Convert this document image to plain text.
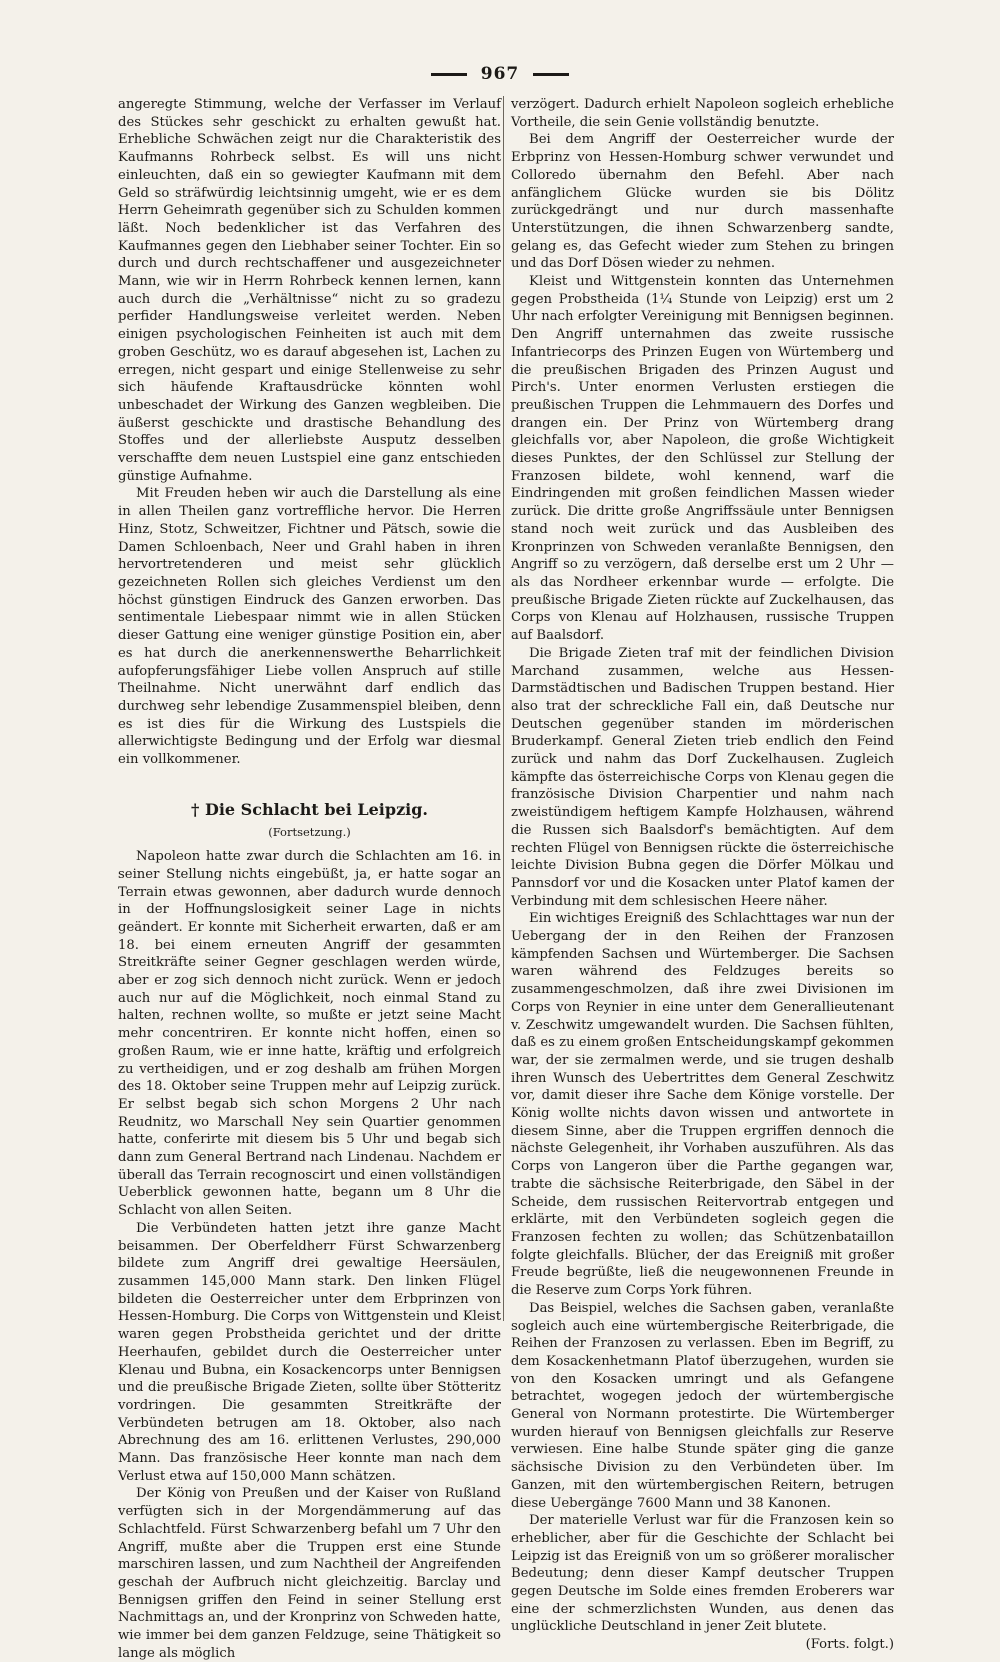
967

angeregte Stimmung, welche der Verfasser im Verlauf des Stückes sehr geschickt zu erhalten gewußt hat. Erhebliche Schwächen zeigt nur die Charakteristik des Kaufmanns Rohrbeck selbst. Es will uns nicht einleuchten, daß ein so gewiegter Kaufmann mit dem Geld so sträfwürdig leichtsinnig umgeht, wie er es dem Herrn Geheimrath gegenüber sich zu Schulden kommen läßt. Noch bedenklicher ist das Verfahren des Kaufmannes gegen den Liebhaber seiner Tochter. Ein so durch und durch rechtschaffener und ausgezeichneter Mann, wie wir in Herrn Rohrbeck kennen lernen, kann auch durch die „Verhältnisse“ nicht zu so gradezu perfider Handlungsweise verleitet werden. Neben einigen psychologischen Feinheiten ist auch mit dem groben Geschütz, wo es darauf abgesehen ist, Lachen zu erregen, nicht gespart und einige Stellenweise zu sehr sich häufende Kraftausdrücke könnten wohl unbeschadet der Wirkung des Ganzen wegbleiben. Die äußerst geschickte und drastische Behandlung des Stoffes und der allerliebste Ausputz desselben verschaffte dem neuen Lustspiel eine ganz entschieden günstige Aufnahme.

Mit Freuden heben wir auch die Darstellung als eine in allen Theilen ganz vortreffliche hervor. Die Herren Hinz, Stotz, Schweitzer, Fichtner und Pätsch, sowie die Damen Schloenbach, Neer und Grahl haben in ihren hervortretenderen und meist sehr glücklich gezeichneten Rollen sich gleiches Verdienst um den höchst günstigen Eindruck des Ganzen erworben. Das sentimentale Liebespaar nimmt wie in allen Stücken dieser Gattung eine weniger günstige Position ein, aber es hat durch die anerkennenswerthe Beharrlichkeit aufopferungsfähiger Liebe vollen Anspruch auf stille Theilnahme. Nicht unerwähnt darf endlich das durchweg sehr lebendige Zusammenspiel bleiben, denn es ist dies für die Wirkung des Lustspiels die allerwichtigste Bedingung und der Erfolg war diesmal ein vollkommener.

† Die Schlacht bei Leipzig.
(Fortsetzung.)

Napoleon hatte zwar durch die Schlachten am 16. in seiner Stellung nichts eingebüßt, ja, er hatte sogar an Terrain etwas gewonnen, aber dadurch wurde dennoch in der Hoffnungslosigkeit seiner Lage in nichts geändert. Er konnte mit Sicherheit erwarten, daß er am 18. bei einem erneuten Angriff der gesammten Streitkräfte seiner Gegner geschlagen werden würde, aber er zog sich dennoch nicht zurück. Wenn er jedoch auch nur auf die Möglichkeit, noch einmal Stand zu halten, rechnen wollte, so mußte er jetzt seine Macht mehr concentriren. Er konnte nicht hoffen, einen so großen Raum, wie er inne hatte, kräftig und erfolgreich zu vertheidigen, und er zog deshalb am frühen Morgen des 18. Oktober seine Truppen mehr auf Leipzig zurück. Er selbst begab sich schon Morgens 2 Uhr nach Reudnitz, wo Marschall Ney sein Quartier genommen hatte, conferirte mit diesem bis 5 Uhr und begab sich dann zum General Bertrand nach Lindenau. Nachdem er überall das Terrain recognoscirt und einen vollständigen Ueberblick gewonnen hatte, begann um 8 Uhr die Schlacht von allen Seiten.

Die Verbündeten hatten jetzt ihre ganze Macht beisammen. Der Oberfeldherr Fürst Schwarzenberg bildete zum Angriff drei gewaltige Heersäulen, zusammen 145,000 Mann stark. Den linken Flügel bildeten die Oesterreicher unter dem Erbprinzen von Hessen-Homburg. Die Corps von Wittgenstein und Kleist waren gegen Probstheida gerichtet und der dritte Heerhaufen, gebildet durch die Oesterreicher unter Klenau und Bubna, ein Kosackencorps unter Bennigsen und die preußische Brigade Zieten, sollte über Stötteritz vordringen. Die gesammten Streitkräfte der Verbündeten betrugen am 18. Oktober, also nach Abrechnung des am 16. erlittenen Verlustes, 290,000 Mann. Das französische Heer konnte man nach dem Verlust etwa auf 150,000 Mann schätzen.

Der König von Preußen und der Kaiser von Rußland verfügten sich in der Morgendämmerung auf das Schlachtfeld. Fürst Schwarzenberg befahl um 7 Uhr den Angriff, mußte aber die Truppen erst eine Stunde marschiren lassen, und zum Nachtheil der Angreifenden geschah der Aufbruch nicht gleichzeitig. Barclay und Bennigsen griffen den Feind in seiner Stellung erst Nachmittags an, und der Kronprinz von Schweden hatte, wie immer bei dem ganzen Feldzuge, seine Thätigkeit so lange als möglich

verzögert. Dadurch erhielt Napoleon sogleich erhebliche Vortheile, die sein Genie vollständig benutzte.

Bei dem Angriff der Oesterreicher wurde der Erbprinz von Hessen-Homburg schwer verwundet und Colloredo übernahm den Befehl. Aber nach anfänglichem Glücke wurden sie bis Dölitz zurückgedrängt und nur durch massenhafte Unterstützungen, die ihnen Schwarzenberg sandte, gelang es, das Gefecht wieder zum Stehen zu bringen und das Dorf Dösen wieder zu nehmen.

Kleist und Wittgenstein konnten das Unternehmen gegen Probstheida (1¼ Stunde von Leipzig) erst um 2 Uhr nach erfolgter Vereinigung mit Bennigsen beginnen. Den Angriff unternahmen das zweite russische Infantriecorps des Prinzen Eugen von Würtemberg und die preußischen Brigaden des Prinzen August und Pirch's. Unter enormen Verlusten erstiegen die preußischen Truppen die Lehmmauern des Dorfes und drangen ein. Der Prinz von Würtemberg drang gleichfalls vor, aber Napoleon, die große Wichtigkeit dieses Punktes, der den Schlüssel zur Stellung der Franzosen bildete, wohl kennend, warf die Eindringenden mit großen feindlichen Massen wieder zurück. Die dritte große Angriffssäule unter Bennigsen stand noch weit zurück und das Ausbleiben des Kronprinzen von Schweden veranlaßte Bennigsen, den Angriff so zu verzögern, daß derselbe erst um 2 Uhr — als das Nordheer erkennbar wurde — erfolgte. Die preußische Brigade Zieten rückte auf Zuckelhausen, das Corps von Klenau auf Holzhausen, russische Truppen auf Baalsdorf.

Die Brigade Zieten traf mit der feindlichen Division Marchand zusammen, welche aus Hessen-Darmstädtischen und Badischen Truppen bestand. Hier also trat der schreckliche Fall ein, daß Deutsche nur Deutschen gegenüber standen im mörderischen Bruderkampf. General Zieten trieb endlich den Feind zurück und nahm das Dorf Zuckelhausen. Zugleich kämpfte das österreichische Corps von Klenau gegen die französische Division Charpentier und nahm nach zweistündigem heftigem Kampfe Holzhausen, während die Russen sich Baalsdorf's bemächtigten. Auf dem rechten Flügel von Bennigsen rückte die österreichische leichte Division Bubna gegen die Dörfer Mölkau und Pannsdorf vor und die Kosacken unter Platof kamen der Verbindung mit dem schlesischen Heere näher.

Ein wichtiges Ereigniß des Schlachttages war nun der Uebergang der in den Reihen der Franzosen kämpfenden Sachsen und Würtemberger. Die Sachsen waren während des Feldzuges bereits so zusammengeschmolzen, daß ihre zwei Divisionen im Corps von Reynier in eine unter dem Generallieutenant v. Zeschwitz umgewandelt wurden. Die Sachsen fühlten, daß es zu einem großen Entscheidungskampf gekommen war, der sie zermalmen werde, und sie trugen deshalb ihren Wunsch des Uebertrittes dem General Zeschwitz vor, damit dieser ihre Sache dem Könige vorstelle. Der König wollte nichts davon wissen und antwortete in diesem Sinne, aber die Truppen ergriffen dennoch die nächste Gelegenheit, ihr Vorhaben auszuführen. Als das Corps von Langeron über die Parthe gegangen war, trabte die sächsische Reiterbrigade, den Säbel in der Scheide, dem russischen Reitervortrab entgegen und erklärte, mit den Verbündeten sogleich gegen die Franzosen fechten zu wollen; das Schützenbataillon folgte gleichfalls. Blücher, der das Ereigniß mit großer Freude begrüßte, ließ die neugewonnenen Freunde in die Reserve zum Corps York führen.

Das Beispiel, welches die Sachsen gaben, veranlaßte sogleich auch eine würtembergische Reiterbrigade, die Reihen der Franzosen zu verlassen. Eben im Begriff, zu dem Kosackenhetmann Platof überzugehen, wurden sie von den Kosacken umringt und als Gefangene betrachtet, wogegen jedoch der würtembergische General von Normann protestirte. Die Würtemberger wurden hierauf von Bennigsen gleichfalls zur Reserve verwiesen. Eine halbe Stunde später ging die ganze sächsische Division zu den Verbündeten über. Im Ganzen, mit den würtembergischen Reitern, betrugen diese Uebergänge 7600 Mann und 38 Kanonen.

Der materielle Verlust war für die Franzosen kein so erheblicher, aber für die Geschichte der Schlacht bei Leipzig ist das Ereigniß von um so größerer moralischer Bedeutung; denn dieser Kampf deutscher Truppen gegen Deutsche im Solde eines fremden Eroberers war eine der schmerzlichsten Wunden, aus denen das unglückliche Deutschland in jener Zeit blutete.

(Forts. folgt.)
